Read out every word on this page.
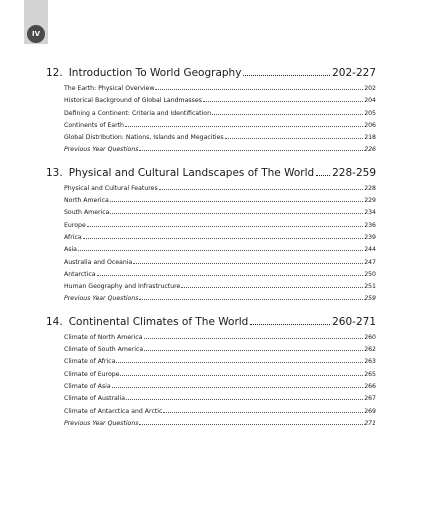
IV
12. Introduction To World Geography	202-227
The Earth: Physical Overview	202
Historical Background of Global Landmasses	204
Defining a Continent: Criteria and Identification	205
Continents of Earth	206
Global Distribution: Nations, Islands and Megacities	218
Previous Year Questions	226
13. Physical and Cultural Landscapes of The World 228-259
Physical and Cultural Features	228
North America	229
South America	234
Europe	236
Africa	239
Asia	244
Australia and Oceania	247
Antarctica	250
Human Geography and Infrastructure	251
Previous Year Questions	259
14. Continental Climates of The World	260-271
Climate of North America	260
Climate of South America	262
Climate of Africa	263
Climate of Europe	265
Climate of Asia	266
Climate of Australia	267
Climate of Antarctica and Arctic	269
Previous Year Questions	271
